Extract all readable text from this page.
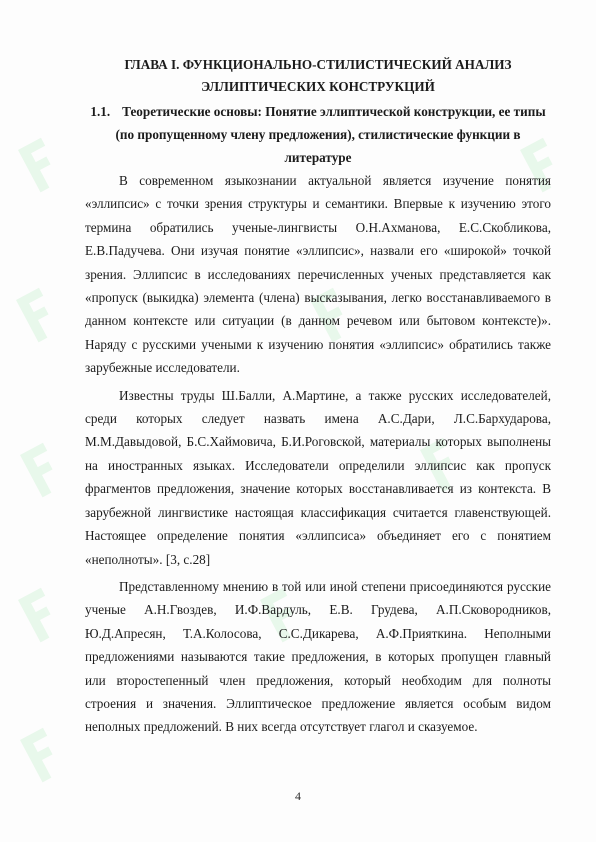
ГЛАВА I. ФУНКЦИОНАЛЬНО-СТИЛИСТИЧЕСКИЙ АНАЛИЗ
ЭЛЛИПТИЧЕСКИХ КОНСТРУКЦИЙ

1.1. Теоретические основы: Понятие эллиптической конструкции, ее типы (по пропущенному члену предложения), стилистические функции в литературе

В современном языкознании актуальной является изучение понятия «эллипсис» с точки зрения структуры и семантики. Впервые к изучению этого термина обратились ученые-лингвисты О.Н.Ахманова, Е.С.Скобликова, Е.В.Падучева. Они изучая понятие «эллипсис», назвали его «широкой» точкой зрения. Эллипсис в исследованиях перечисленных ученых представляется как «пропуск (выкидка) элемента (члена) высказывания, легко восстанавливаемого в данном контексте или ситуации (в данном речевом или бытовом контексте)». Наряду с русскими учеными к изучению понятия «эллипсис» обратились также зарубежные исследователи.

Известны труды Ш.Балли, А.Мартине, а также русских исследователей, среди которых следует назвать имена А.С.Дари, Л.С.Бархударова, М.М.Давыдовой, Б.С.Хаймовича, Б.И.Роговской, материалы которых выполнены на иностранных языках. Исследователи определили эллипсис как пропуск фрагментов предложения, значение которых восстанавливается из контекста. В зарубежной лингвистике настоящая классификация считается главенствующей. Настоящее определение понятия «эллипсиса» объединяет его с понятием «неполноты». [3, с.28]

Представленному мнению в той или иной степени присоединяются русские ученые А.Н.Гвоздев, И.Ф.Вардуль, Е.В. Грудева, А.П.Сковородников, Ю.Д.Апресян, Т.А.Колосова, С.С.Дикарева, А.Ф.Прияткина. Неполными предложениями называются такие предложения, в которых пропущен главный или второстепенный член предложения, который необходим для полноты строения и значения. Эллиптическое предложение является особым видом неполных предложений. В них всегда отсутствует глагол и сказуемое.

4
